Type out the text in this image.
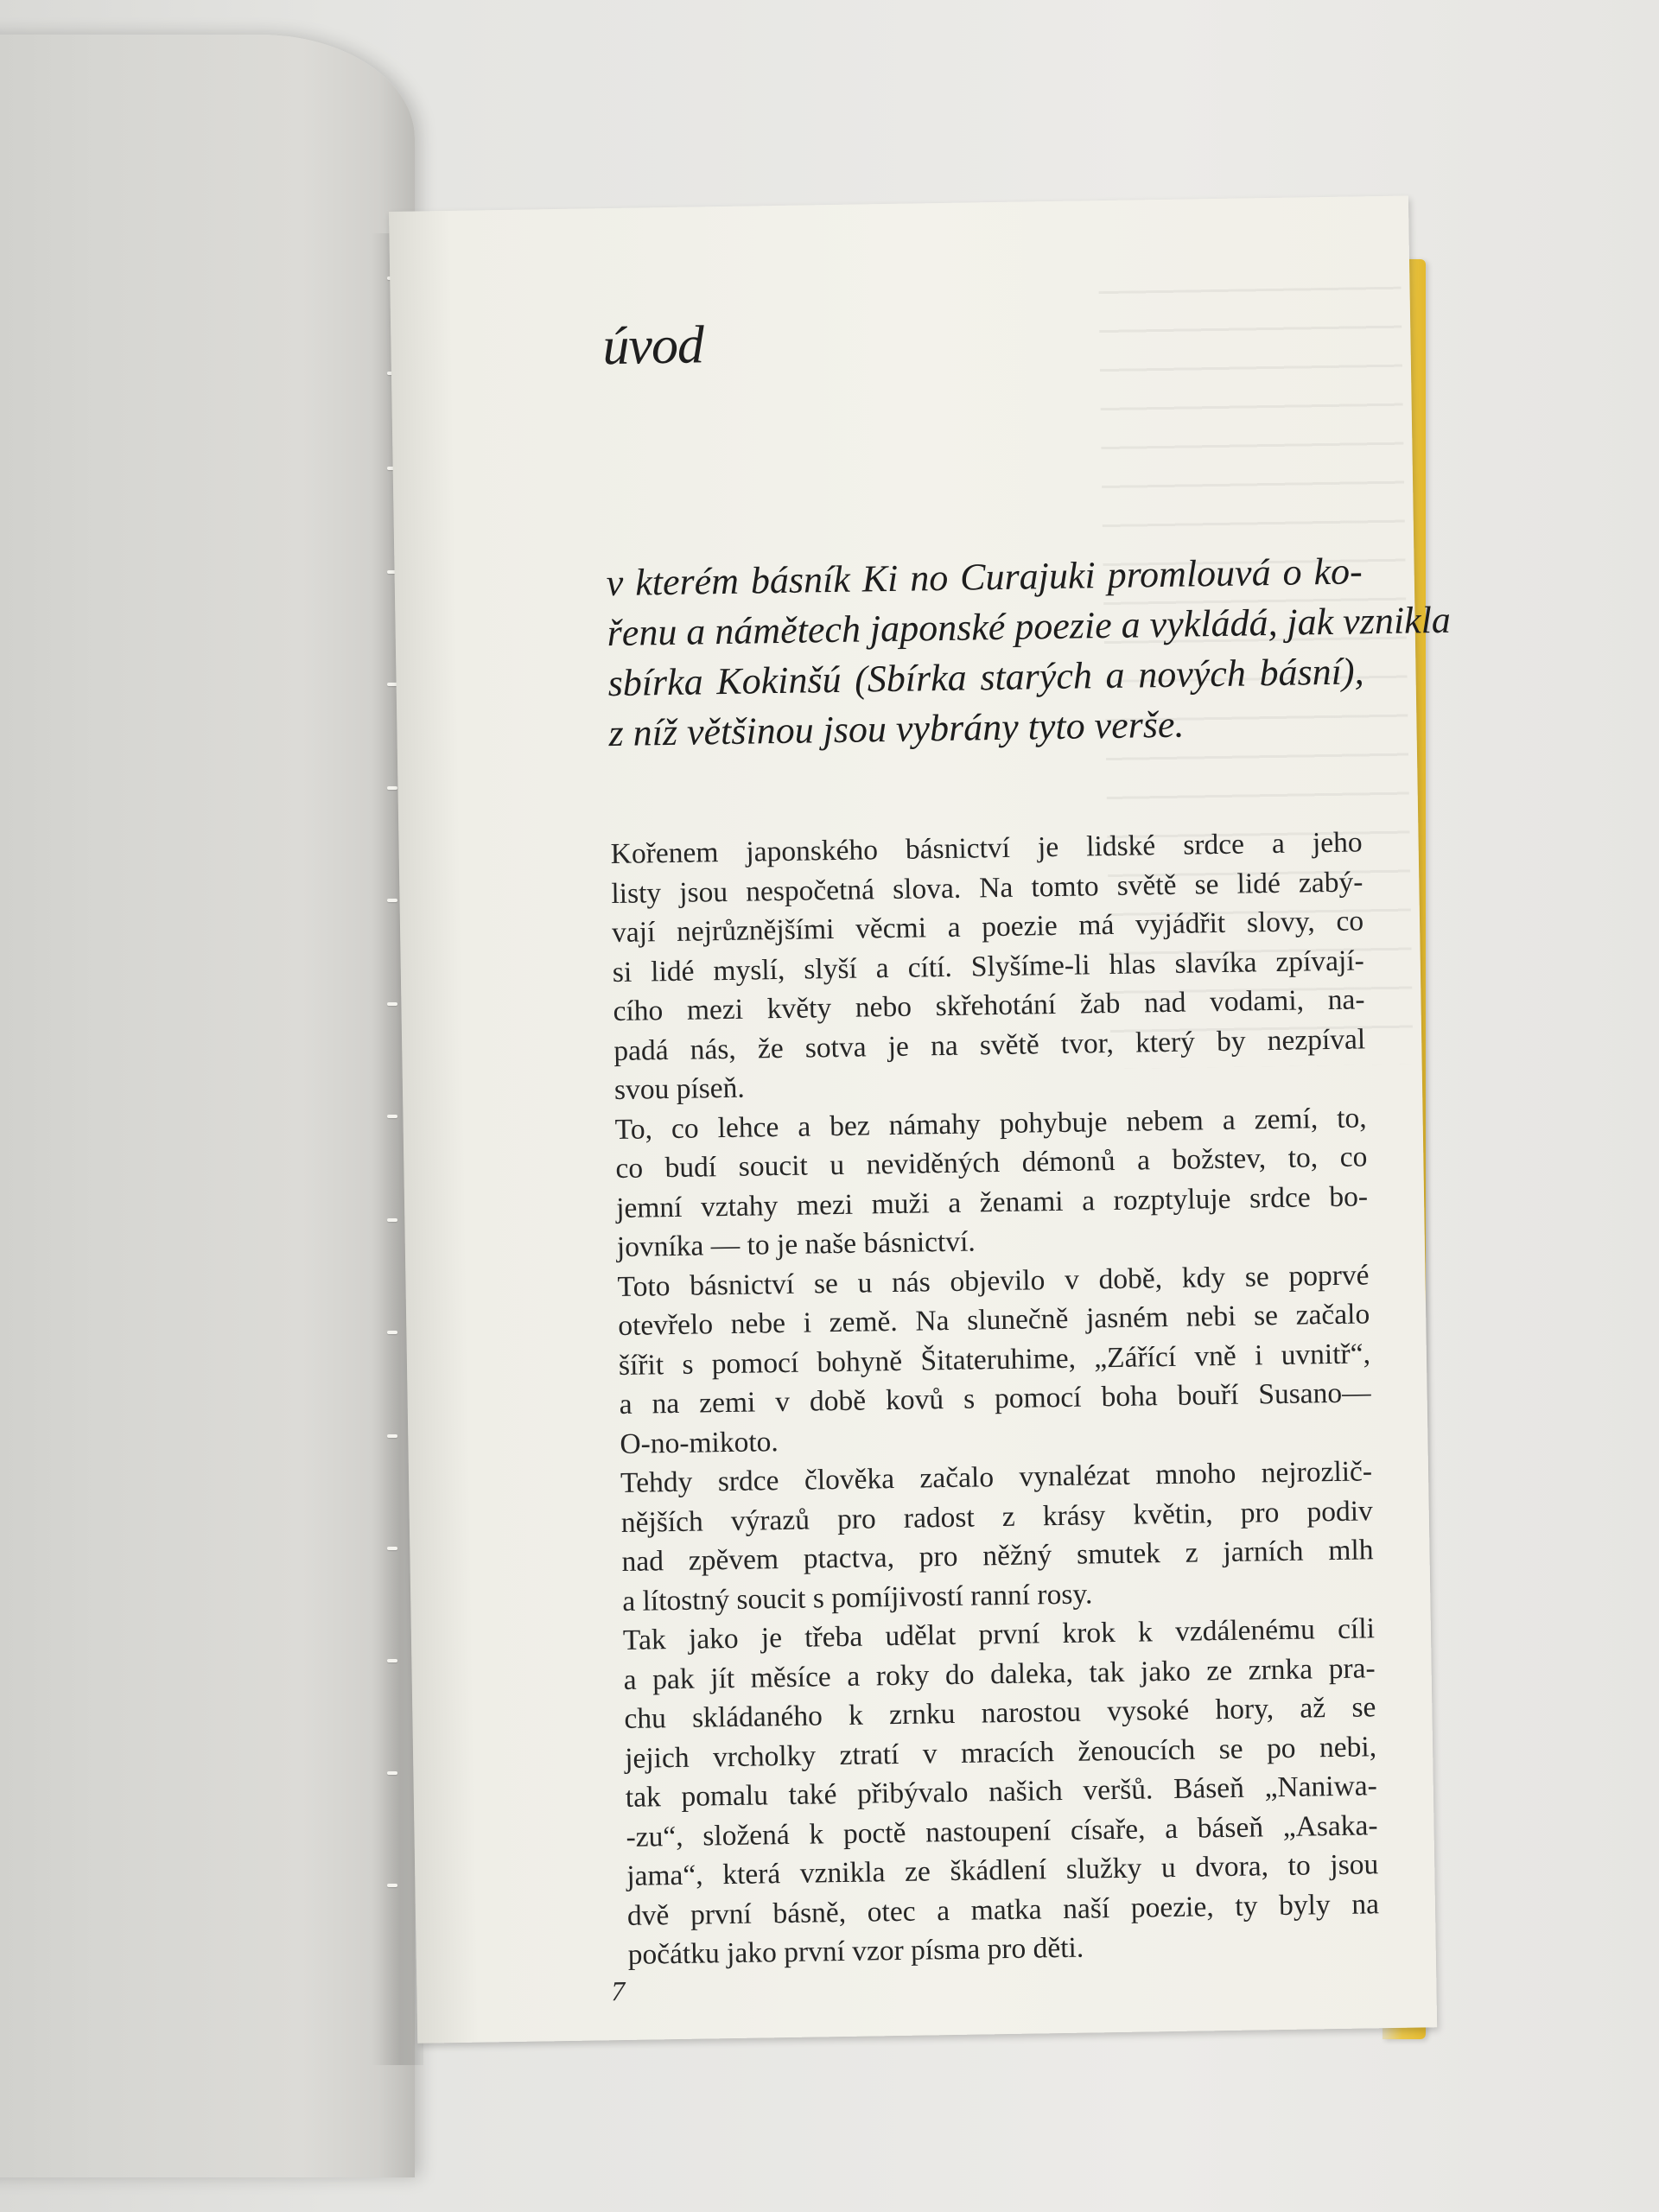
úvod
v kterém básník Ki no Curajuki promlouvá o ko-
řenu a námětech japonské poezie a vykládá, jak vznikla
sbírka Kokinšú (Sbírka starých a nových básní),
z níž většinou jsou vybrány tyto verše.
Kořenem japonského básnictví je lidské srdce a jeho
listy jsou nespočetná slova. Na tomto světě se lidé zabý-
vají nejrůznějšími věcmi a poezie má vyjádřit slovy, co
si lidé myslí, slyší a cítí. Slyšíme-li hlas slavíka zpívají-
cího mezi květy nebo skřehotání žab nad vodami, na-
padá nás, že sotva je na světě tvor, který by nezpíval
svou píseň.
To, co lehce a bez námahy pohybuje nebem a zemí, to,
co budí soucit u neviděných démonů a božstev, to, co
jemní vztahy mezi muži a ženami a rozptyluje srdce bo-
jovníka — to je naše básnictví.
Toto básnictví se u nás objevilo v době, kdy se poprvé
otevřelo nebe i země. Na slunečně jasném nebi se začalo
šířit s pomocí bohyně Šitateruhime, „Zářící vně i uvnitř“,
a na zemi v době kovů s pomocí boha bouří Susano—
O-no-mikoto.
Tehdy srdce člověka začalo vynalézat mnoho nejrozlič-
nějších výrazů pro radost z krásy květin, pro podiv
nad zpěvem ptactva, pro něžný smutek z jarních mlh
a lítostný soucit s pomíjivostí ranní rosy.
Tak jako je třeba udělat první krok k vzdálenému cíli
a pak jít měsíce a roky do daleka, tak jako ze zrnka pra-
chu skládaného k zrnku narostou vysoké hory, až se
jejich vrcholky ztratí v mracích ženoucích se po nebi,
tak pomalu také přibývalo našich veršů. Báseň „Naniwa-
-zu“, složená k poctě nastoupení císaře, a báseň „Asaka-
jama“, která vznikla ze škádlení služky u dvora, to jsou
dvě první básně, otec a matka naší poezie, ty byly na
počátku jako první vzor písma pro děti.
7
